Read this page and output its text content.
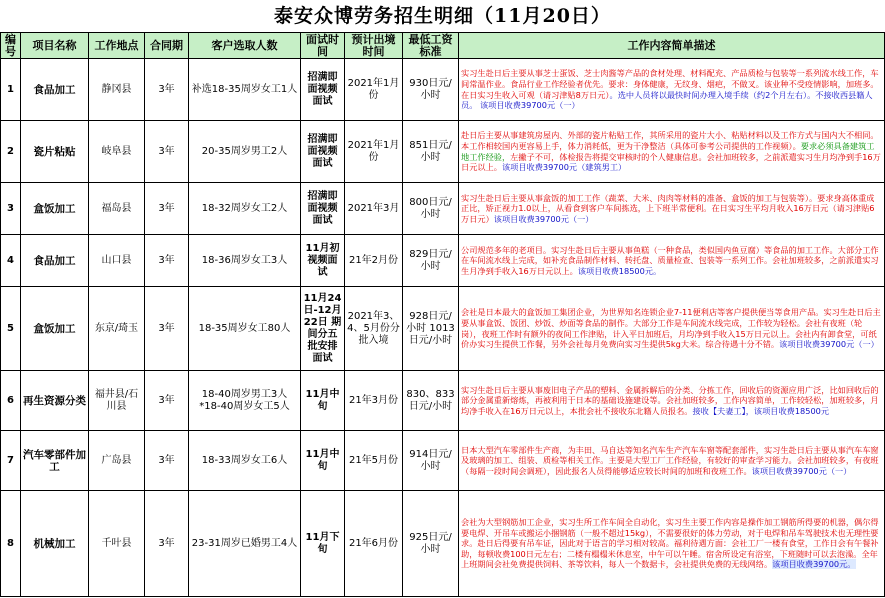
泰安众博劳务招生明细（11月20日）
编号	项目名称	工作地点	合同期	客户选取人数	面试时间	预计出境时间	最低工资标准	工作内容简单描述
1	食品加工	静冈县	3年	补选18-35周岁女工1人	招满即面视频面试	2021年1月份	930日元/小时	实习生赴日后主要从事芝士蛋饭、芝士肉酱等产品的食材处理、材料配充、产品质检与包装等一系列流水线工作，车间常温作业。食品行业工作经验者优先。要求：身体健康，无纹身、烟疤，不做叉。该业种不受疫情影响，加班多。在日实习生收入可观（请习津贴8万日元）。选中人员将以最快时间办理入境手续（约2个月左右）。不接收西县籍人员。 该项目收费39700元（一）
2	瓷片粘贴	岐阜县	3年	20-35周岁男工2人	招满即面视频面试	2021年1月份	851日元/小时	赴日后主要从事建筑房屋内、外部的瓷片粘贴工作，其所采用的瓷片大小、粘贴材料以及工作方式与国内大不相同。本工作相较国内更容易上手，体力消耗低，更为干净整洁（具体可参考公司提供的工作视频）。要求必须具备建筑工地工作经验，左撇子不可，体检报告将提交审核时的个人健康信息。会社加班较多，之前派遣实习生月均净到手16万日元以上。该项目收费39700元（建筑男工）
3	盒饭加工	福岛县	3年	18-32周岁女工2人	招满即面视频面试	2021年3月	800日元/小时	实习生赴日后主要从事盒饭的加工工作（蔬菜、大米、肉肉等材料的准备、盒饭的加工与包装等）。要求身高体重成正比，矫正视力1.0以上，从看食到客户车间拣选，上下班半常便利。在日实习生平均月收入16万日元（请习津贴6万日元）该项目收费39700元（一）
4	食品加工	山口县	3年	18-36周岁女工3人	11月初视频面试	21年2月份	829日元/小时	公司规范多年的老项目。实习生赴日后主要从事鱼糕（一种食品，类似国内鱼豆腐）等食品的加工工作。大部分工作在车间流水线上完成，如补充食品制作材料、转托盘、质量检查、包装等一系列工作。会社加班较多，之前派遣实习生月净到手收入16万日元以上。该项目收费18500元。
5	盒饭加工	东京/琦玉	3年	18-35周岁女工80人	11月24日-12月22日 期间分五批安排面试	2021年3、4、5月份分批入境	928日元/小时 1013日元/小时	会社是日本最大的盒饭加工集团企业，为世界知名连锁企业7-11便利店等客户提供便当等食用产品。实习生赴日后主要从事盒饭、饭团、炒饭、炒面等食品的制作。大部分工作是车间流水线完成，工作较为轻松。会社有夜班（轮岗），夜班工作时有额外的夜间工作津贴，计入平日加班后，月均净到手收入15万日元以上。会社内有卸食堂，可纸价办实习生提供工作餐，另外会社每月免费向实习生提供5kg大米。综合待遇十分不错。该项目收费39700元（一）
6	再生资源分类	福井县/石川县	3年	18-40周岁男工3人 *18-40周岁女工5人	11月中旬	21年3月份	830、833日元/小时	实习生赴日后主要从事废旧电子产品的塑料、金属拆解后的分类、分拣工作，回收后的资源应用广泛，比如回收后的部分金属重新熔炼，再被利用于日本的基础设施建设等。会社加班较多，工作内容简单，工作较轻松，加班较多，月均净手收入在16万日元以上，本批会社不接收东北籍人员报名。接收【夫妻工】，该项目收费18500元
7	汽车零部件加工	广岛县	3年	18-33周岁女工6人	11月中旬	21年5月份	914日元/小时	日本大型汽车零部件生产商，为丰田、马自达等知名汽车生产汽车车窗等配套部件，实习生赴日后主要从事汽车车窗及玻璃的加工、组装、质检等相关工作。主要是大型工厂工作经验，有较好的审查学习能力。会社加班较多，有夜班（每隔一段时间会调班），因此报名人员得能够适应较长时间的加班和夜班工作。该项目收费39700元（一）
8	机械加工	千叶县	3年	23-31周岁已婚男工4人	11月下旬	21年6月份	925日元/小时	会社为大型钢筋加工企业，实习生所工作车间全自动化，实习生主要工作内容是操作加工钢筋所得要的机器，偶尔得要电焊、开吊车或搬运小捆钢筋（一般不超过15kg），不需要很好的体力劳动，对于电焊和吊车驾驶技术也无理性要求。赴日后得要有吊车证，因此对于语言的学习相对较高。福利待遇方面：会社工厂一楼有食堂，工作日会有午餐补助，每顿收费100日元左右；二楼有榻榻米休息室，中午可以午睡。宿舍所设定有浴室，下班随时可以去泡澡。全年上班期间会社免费提供饲料、茶等饮料，每人一个数据卡，会社提供免费的无线网络。该项目收费39700元。
